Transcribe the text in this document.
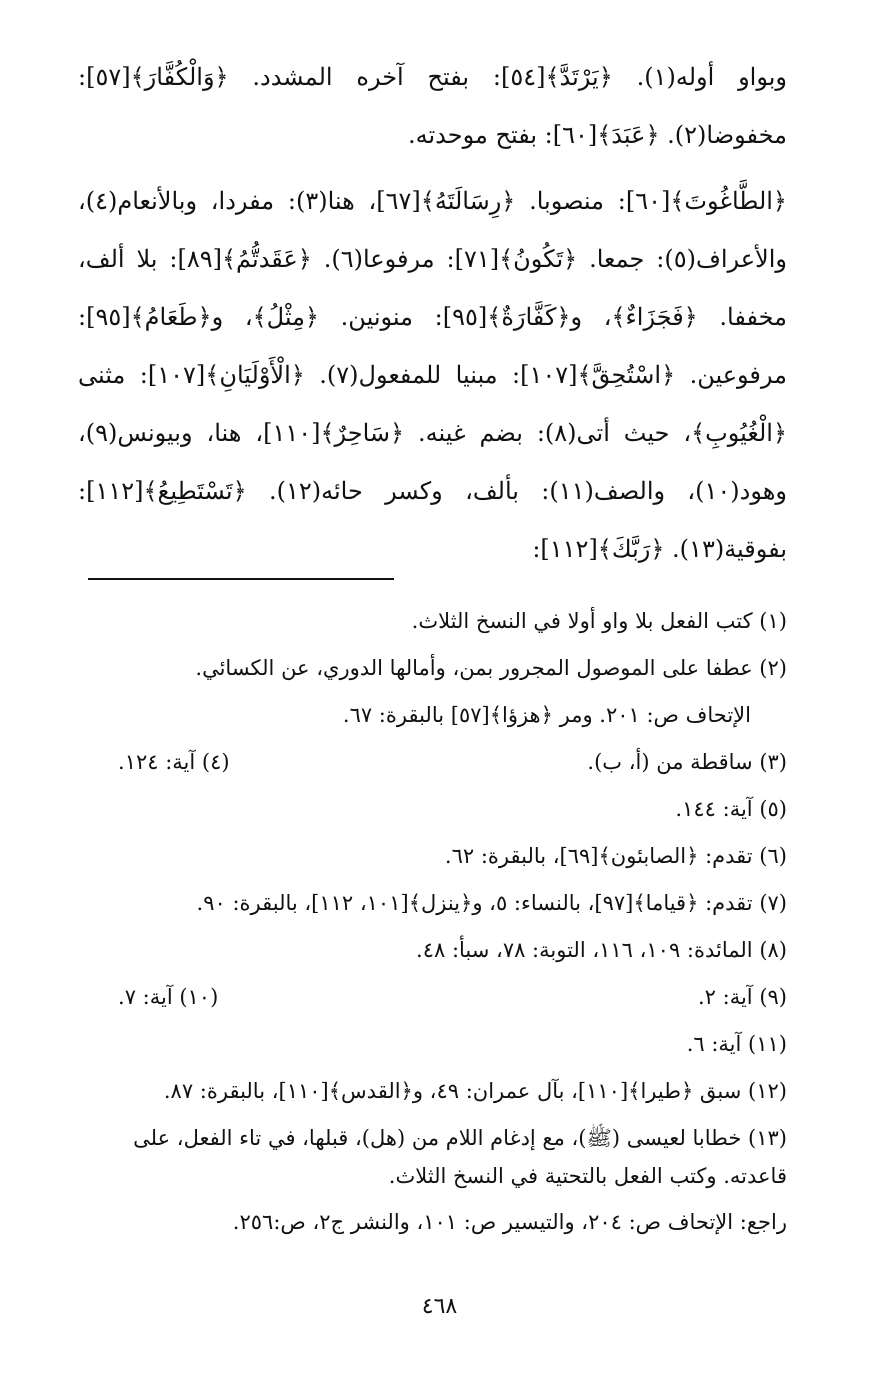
وبواو أوله(١). ﴿يَرْتَدَّ﴾[٥٤]: بفتح آخره المشدد. ﴿وَالْكُفَّارَ﴾[٥٧]: مخفوضا(٢). ﴿عَبَدَ﴾[٦٠]: بفتح موحدته.

﴿الطَّاغُوتَ﴾[٦٠]: منصوبا. ﴿رِسَالَتَهُ﴾[٦٧]، هنا(٣): مفردا، وبالأنعام(٤)، والأعراف(٥): جمعا. ﴿تَكُونُ﴾[٧١]: مرفوعا(٦). ﴿عَقَدتُّمُ﴾[٨٩]: بلا ألف، مخففا. ﴿فَجَزَاءٌ﴾، و﴿كَفَّارَةٌ﴾[٩٥]: منونين. ﴿مِثْلُ﴾، و﴿طَعَامُ﴾[٩٥]: مرفوعين. ﴿اسْتُحِقَّ﴾[١٠٧]: مبنيا للمفعول(٧). ﴿الْأَوْلَيَانِ﴾[١٠٧]: مثنى ﴿الْغُيُوبِ﴾، حيث أتى(٨): بضم غينه. ﴿سَاحِرٌ﴾[١١٠]، هنا، وبيونس(٩)، وهود(١٠)، والصف(١١): بألف، وكسر حائه(١٢). ﴿تَسْتَطِيعُ﴾[١١٢]: بفوقية(١٣). ﴿رَبَّكَ﴾[١١٢]:

(١) كتب الفعل بلا واو أولا في النسخ الثلاث.
(٢) عطفا على الموصول المجرور بمن، وأمالها الدوري، عن الكسائي.
الإتحاف ص: ٢٠١. ومر ﴿هزؤا﴾[٥٧] بالبقرة: ٦٧.
(٣) ساقطة من (أ، ب).
(٤) آية: ١٢٤.
(٥) آية: ١٤٤.
(٦) تقدم: ﴿الصابئون﴾[٦٩]، بالبقرة: ٦٢.
(٧) تقدم: ﴿قياما﴾[٩٧]، بالنساء: ٥، و﴿ينزل﴾[١٠١، ١١٢]، بالبقرة: ٩٠.
(٨) المائدة: ١٠٩، ١١٦، التوبة: ٧٨، سبأ: ٤٨.
(٩) آية: ٢.
(١٠) آية: ٧.
(١١) آية: ٦.
(١٢) سبق ﴿طيرا﴾[١١٠]، بآل عمران: ٤٩، و﴿القدس﴾[١١٠]، بالبقرة: ٨٧.
(١٣) خطابا لعيسى (ﷺ)، مع إدغام اللام من (هل)، قبلها، في تاء الفعل، على قاعدته. وكتب الفعل بالتحتية في النسخ الثلاث.
راجع: الإتحاف ص: ٢٠٤، والتيسير ص: ١٠١، والنشر ج٢، ص:٢٥٦.
٤٦٨
